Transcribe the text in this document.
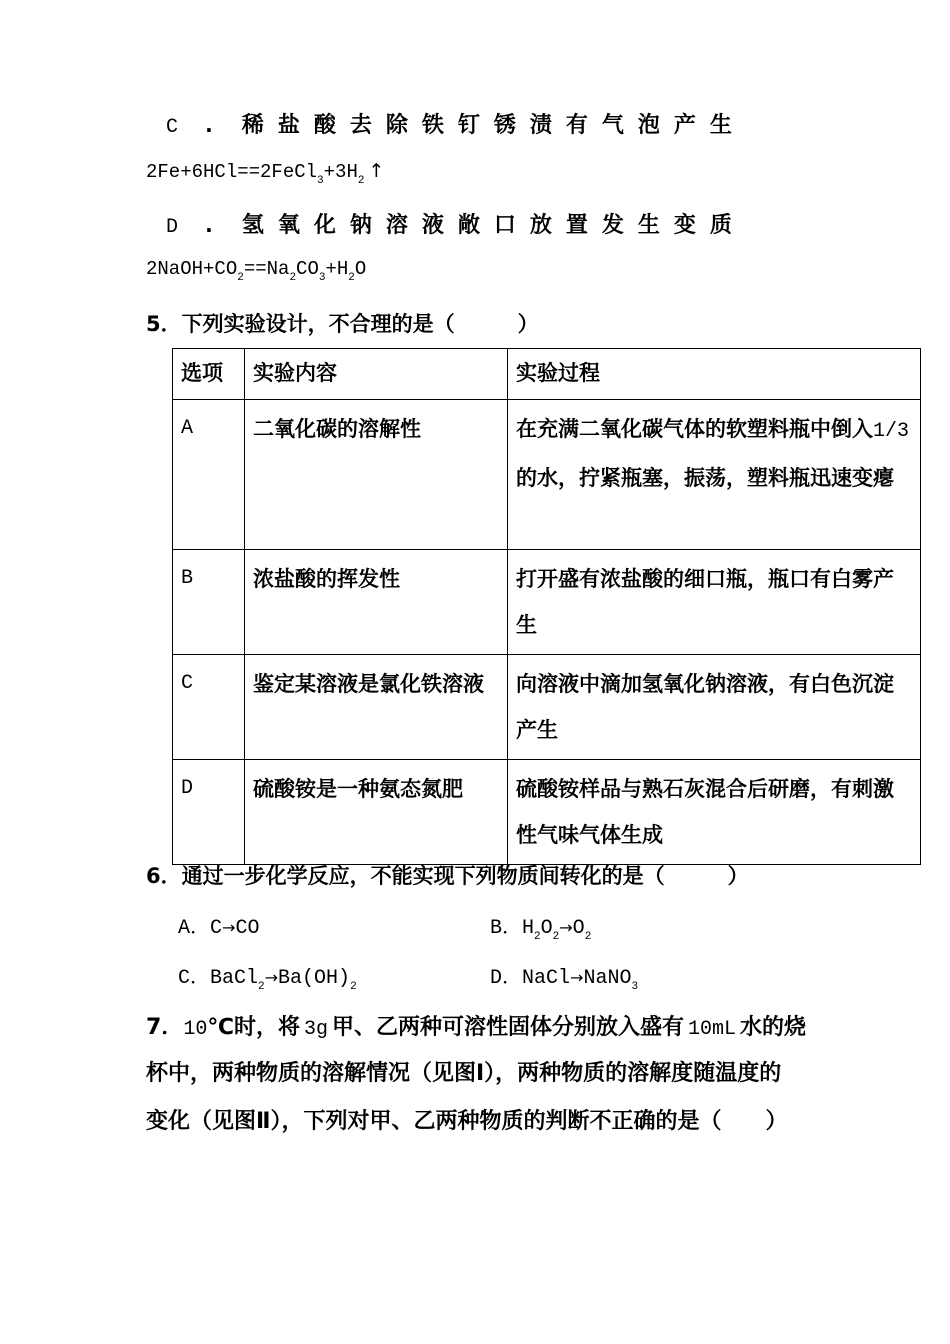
C . 稀盐酸去除铁钉锈渍有气泡产生
$2Fe+6HCl==2FeCl_3+3H_2$ ↑
D . 氢氧化钠溶液敞口放置发生变质
$2NaOH+CO_2==Na_2CO_3+H_2O$
5．下列实验设计，不合理的是（　　　）
选项	实验内容	实验过程
A	二氧化碳的溶解性	在充满二氧化碳气体的软塑料瓶中倒入1/3的水，拧紧瓶塞，振荡，塑料瓶迅速变瘪
B	浓盐酸的挥发性	打开盛有浓盐酸的细口瓶，瓶口有白雾产生
C	鉴定某溶液是氯化铁溶液	向溶液中滴加氢氧化钠溶液，有白色沉淀产生
D	硫酸铵是一种氨态氮肥	硫酸铵样品与熟石灰混合后研磨，有刺激性气味气体生成
6．通过一步化学反应，不能实现下列物质间转化的是（　　　）
A．C→CO	B．$H_2O_2\to O_2$
C．$BaCl_2\to Ba(OH)_2$	D．NaCl→NaNO$_3$
7．10℃时，将 3g 甲、乙两种可溶性固体分别放入盛有 10mL 水的烧
杯中，两种物质的溶解情况（见图Ⅰ），两种物质的溶解度随温度的
变化（见图Ⅱ），下列对甲、乙两种物质的判断不正确的是（　　）
